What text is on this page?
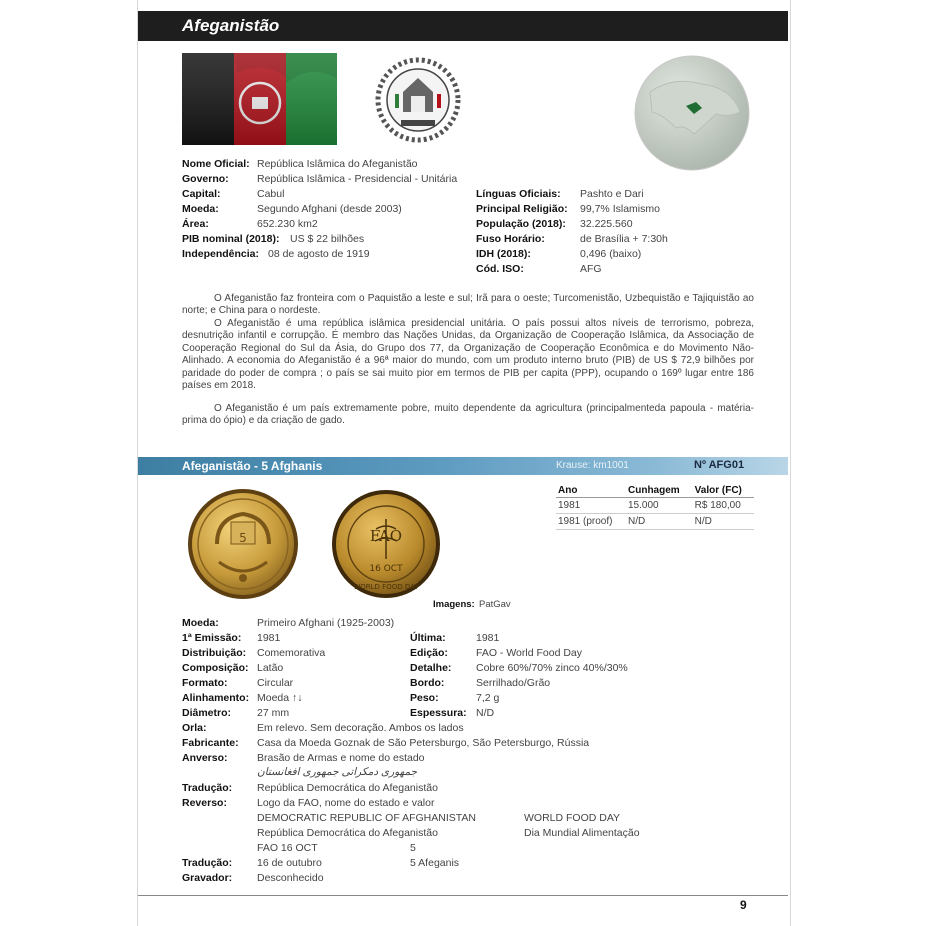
Afeganistão
Nome Oficial: República Islâmica do Afeganistão
Governo:	República Islâmica - Presidencial - Unitária
Capital:	Cabul
Moeda:	Segundo Afghani (desde 2003)
Área:	652.230 km2
PIB nominal (2018): US $ 22 bilhões
Independência: 08 de agosto de 1919
Línguas Oficiais: Pashto e Dari
Principal Religião: 99,7% Islamismo
População (2018): 32.225.560
Fuso Horário:	de Brasília + 7:30h
IDH (2018):	0,496 (baixo)
Cód. ISO:	AFG
O Afeganistão faz fronteira com o Paquistão a leste e sul; Irã para o oeste; Turcomenistão, Uzbequistão e Tajiquistão ao norte; e China para o nordeste.
O Afeganistão é uma república islâmica presidencial unitária. O país possui altos níveis de terrorismo, pobreza, desnutrição infantil e corrupção. É membro das Nações Unidas, da Organização de Cooperação Islâmica, da Associação de Cooperação Regional do Sul da Ásia, do Grupo dos 77, da Organização de Cooperação Econômica e do Movimento Não-Alinhado. A economia do Afeganistão é a 96ª maior do mundo, com um produto interno bruto (PIB) de US $ 72,9 bilhões por paridade do poder de compra ; o país se sai muito pior em termos de PIB per capita (PPP), ocupando o 169º lugar entre 186 países em 2018.
O Afeganistão é um país extremamente pobre, muito dependente da agricultura (principalmenteda papoula - matéria-prima do ópio) e da criação de gado.
Afeganistão - 5 Afghanis	Krause: km1001	Nº AFG01
Ano	Cunhagem	Valor (FC)
1981	15.000	R$ 180,00
1981 (proof)	N/D	N/D
5	FAO
16 OCT
WORLD FOOD DAY
Imagens: PatGav
Moeda:	Primeiro Afghani (1925-2003)
1ª Emissão: 1981	Última:	1981
Distribuição: Comemorativa	Edição:	FAO - World Food Day
Composição: Latão	Detalhe: Cobre 60%/70% zinco 40%/30%
Formato:	Circular	Bordo:	Serrilhado/Grão
Alinhamento: Moeda ↑↓	Peso:	7,2 g
Diâmetro: 27 mm	Espessura: N/D
Orla:	Em relevo. Sem decoração. Ambos os lados
Fabricante: Casa da Moeda Goznak de São Petersburgo, São Petersburgo, Rússia
Anverso:	Brasão de Armas e nome do estado
جمهوری دمکراتی جمهوری افغانستان
Tradução: República Democrática do Afeganistão
Reverso:	Logo da FAO, nome do estado e valor
DEMOCRATIC REPUBLIC OF AFGHANISTAN	WORLD FOOD DAY
República Democrática do Afeganistão	Dia Mundial Alimentação
FAO 16 OCT	5
Tradução: 16 de outubro	5 Afeganis
Gravador: Desconhecido
9
